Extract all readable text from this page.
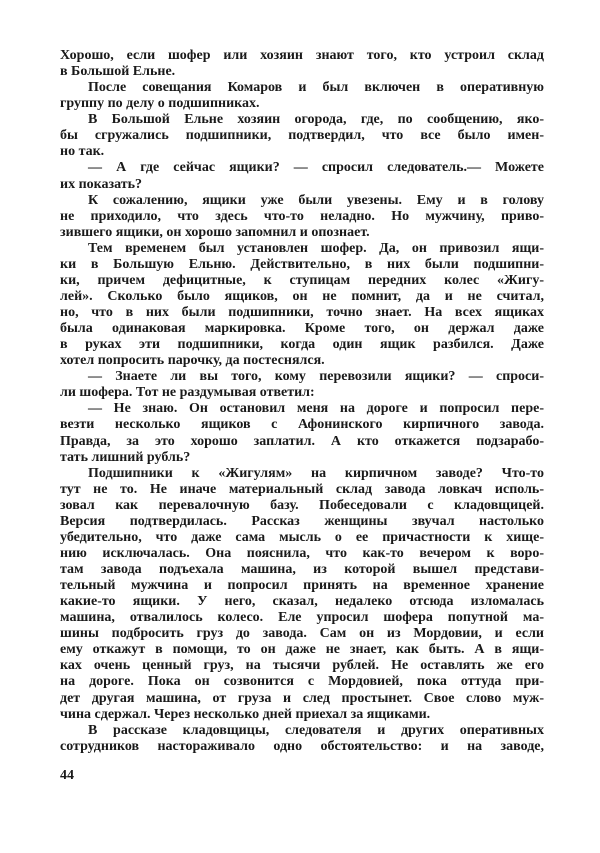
Хорошо, если шофер или хозяин знают того, кто устроил склад
в Большой Ельне.
После совещания Комаров и был включен в оперативную
группу по делу о подшипниках.
В Большой Ельне хозяин огорода, где, по сообщению, яко-
бы сгружались подшипники, подтвердил, что все было имен-
но так.
— А где сейчас ящики? — спросил следователь.— Можете
их показать?
К сожалению, ящики уже были увезены. Ему и в голову
не приходило, что здесь что-то неладно. Но мужчину, приво-
зившего ящики, он хорошо запомнил и опознает.
Тем временем был установлен шофер. Да, он привозил ящи-
ки в Большую Ельню. Действительно, в них были подшипни-
ки, причем дефицитные, к ступицам передних колес «Жигу-
лей». Сколько было ящиков, он не помнит, да и не считал,
но, что в них были подшипники, точно знает. На всех ящиках
была одинаковая маркировка. Кроме того, он держал даже
в руках эти подшипники, когда один ящик разбился. Даже
хотел попросить парочку, да постеснялся.
— Знаете ли вы того, кому перевозили ящики? — спроси-
ли шофера. Тот не раздумывая ответил:
— Не знаю. Он остановил меня на дороге и попросил пере-
везти несколько ящиков с Афонинского кирпичного завода.
Правда, за это хорошо заплатил. А кто откажется подзарабо-
тать лишний рубль?
Подшипники к «Жигулям» на кирпичном заводе? Что-то
тут не то. Не иначе материальный склад завода ловкач исполь-
зовал как перевалочную базу. Побеседовали с кладовщицей.
Версия подтвердилась. Рассказ женщины звучал настолько
убедительно, что даже сама мысль о ее причастности к хище-
нию исключалась. Она пояснила, что как-то вечером к воро-
там завода подъехала машина, из которой вышел представи-
тельный мужчина и попросил принять на временное хранение
какие-то ящики. У него, сказал, недалеко отсюда изломалась
машина, отвалилось колесо. Еле упросил шофера попутной ма-
шины подбросить груз до завода. Сам он из Мордовии, и если
ему откажут в помощи, то он даже не знает, как быть. А в ящи-
ках очень ценный груз, на тысячи рублей. Не оставлять же его
на дороге. Пока он созвонится с Мордовией, пока оттуда при-
дет другая машина, от груза и след простынет. Свое слово муж-
чина сдержал. Через несколько дней приехал за ящиками.
В рассказе кладовщицы, следователя и других оперативных
сотрудников настораживало одно обстоятельство: и на заводе,
44
